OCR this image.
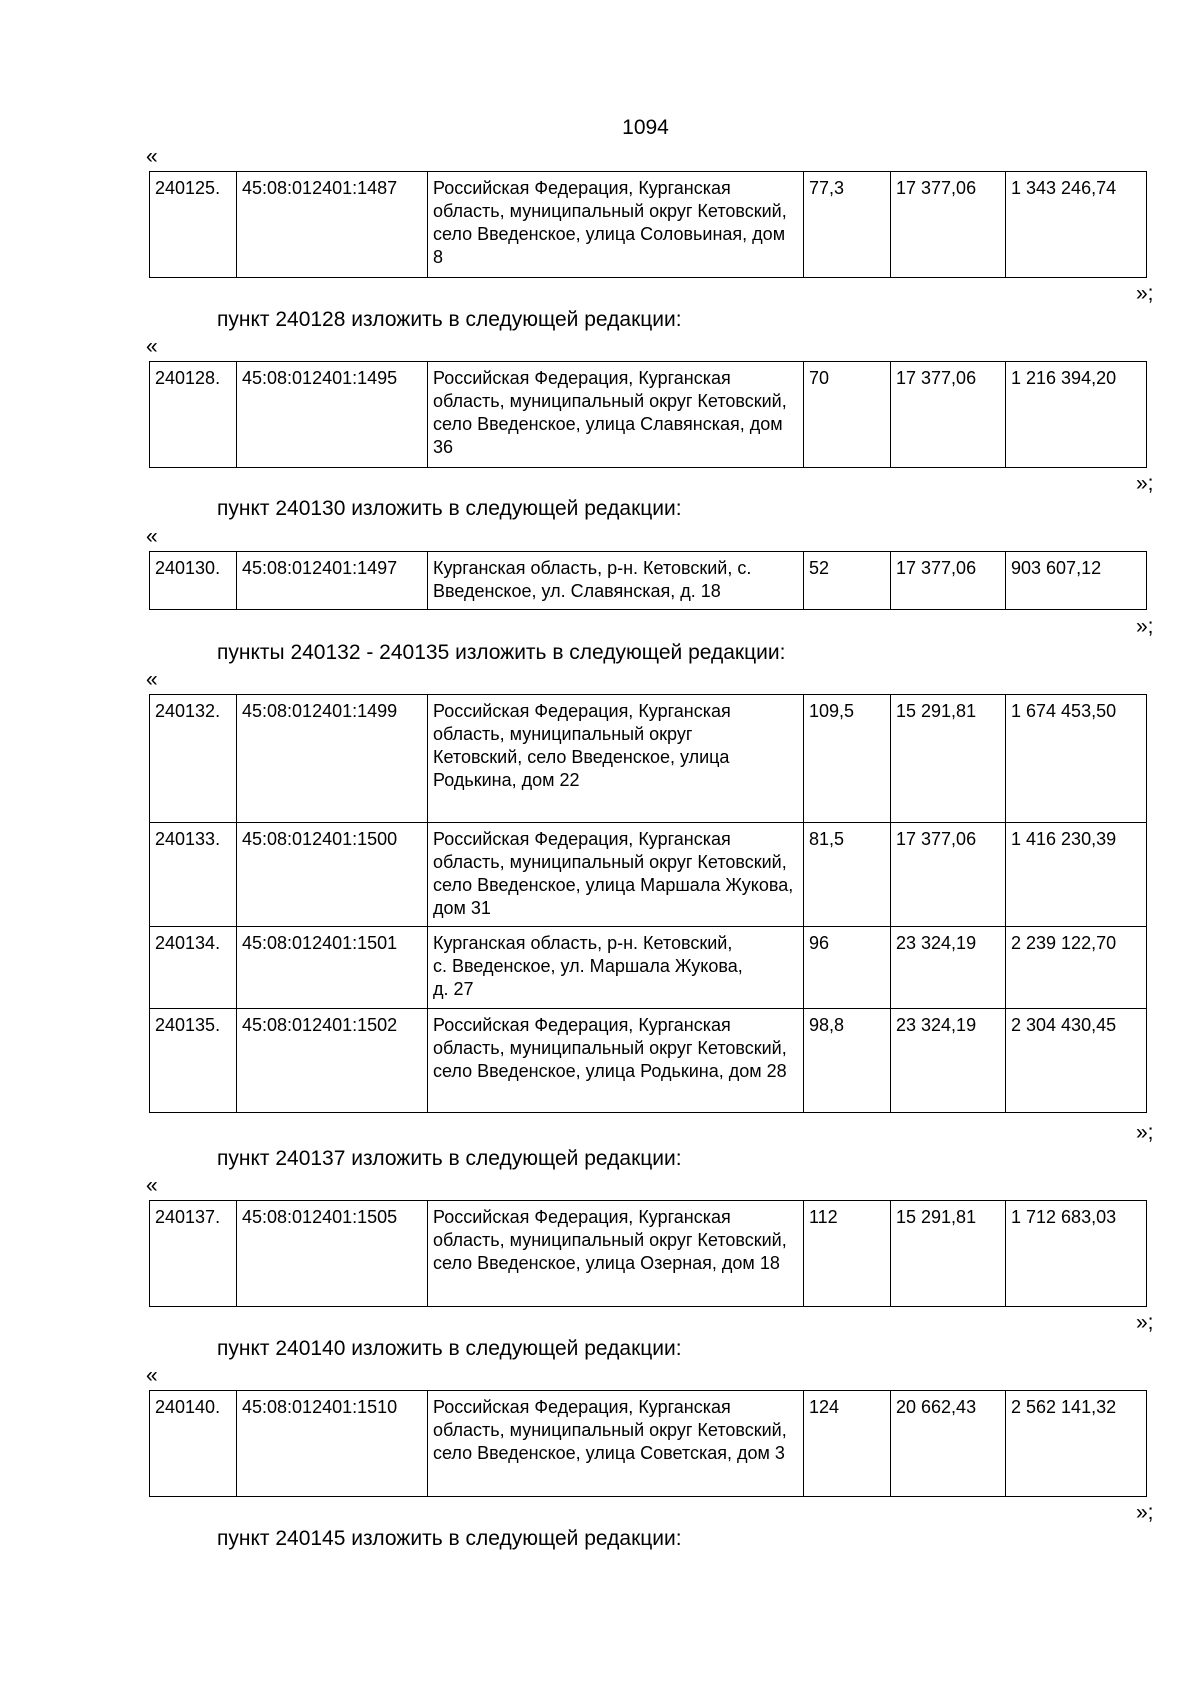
1094
«
240125.	45:08:012401:1487	Российская Федерация, Курганская область, муниципальный округ Кетовский, село Введенское, улица Соловьиная, дом 8	77,3	17 377,06	1 343 246,74
»;
пункт 240128 изложить в следующей редакции:
«
240128.	45:08:012401:1495	Российская Федерация, Курганская область, муниципальный округ Кетовский, село Введенское, улица Славянская, дом 36	70	17 377,06	1 216 394,20
»;
пункт 240130 изложить в следующей редакции:
«
240130.	45:08:012401:1497	Курганская область, р-н. Кетовский, с. Введенское, ул. Славянская, д. 18	52	17 377,06	903 607,12
»;
пункты 240132 - 240135 изложить в следующей редакции:
«
240132.	45:08:012401:1499	Российская Федерация, Курганская область, муниципальный округ Кетовский, село Введенское, улица Родькина, дом 22	109,5	15 291,81	1 674 453,50
240133.	45:08:012401:1500	Российская Федерация, Курганская область, муниципальный округ Кетовский, село Введенское, улица Маршала Жукова, дом 31	81,5	17 377,06	1 416 230,39
240134.	45:08:012401:1501	Курганская область, р-н. Кетовский, с. Введенское, ул. Маршала Жукова, д. 27	96	23 324,19	2 239 122,70
240135.	45:08:012401:1502	Российская Федерация, Курганская область, муниципальный округ Кетовский, село Введенское, улица Родькина, дом 28	98,8	23 324,19	2 304 430,45
»;
пункт 240137 изложить в следующей редакции:
«
240137.	45:08:012401:1505	Российская Федерация, Курганская область, муниципальный округ Кетовский, село Введенское, улица Озерная, дом 18	112	15 291,81	1 712 683,03
»;
пункт 240140 изложить в следующей редакции:
«
240140.	45:08:012401:1510	Российская Федерация, Курганская область, муниципальный округ Кетовский, село Введенское, улица Советская, дом 3	124	20 662,43	2 562 141,32
»;
пункт 240145 изложить в следующей редакции:
